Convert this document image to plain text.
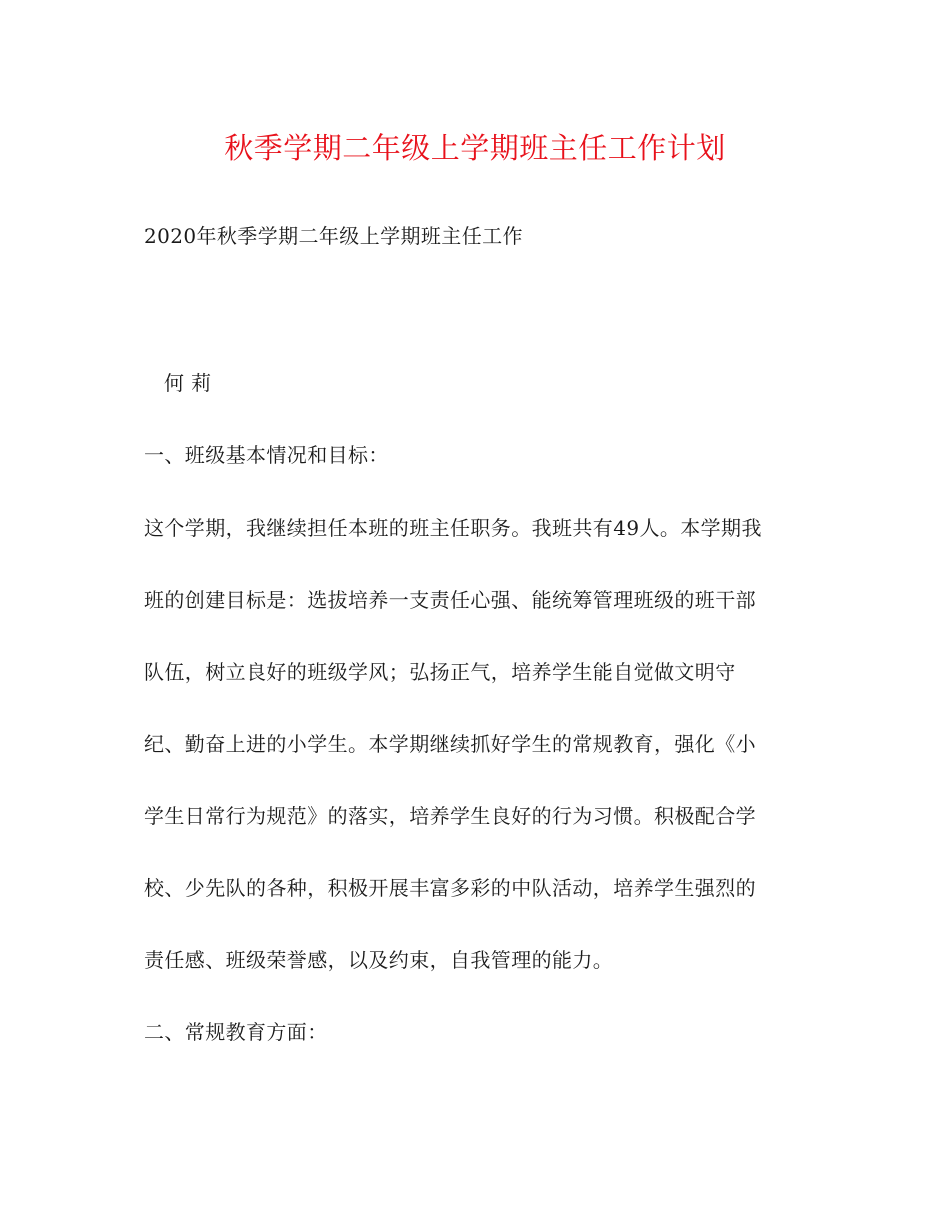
秋季学期二年级上学期班主任工作计划
2020年秋季学期二年级上学期班主任工作
何 莉
一、班级基本情况和目标：
这个学期，我继续担任本班的班主任职务。我班共有49人。本学期我
班的创建目标是：选拔培养一支责任心强、能统筹管理班级的班干部
队伍，树立良好的班级学风；弘扬正气，培养学生能自觉做文明守
纪、勤奋上进的小学生。本学期继续抓好学生的常规教育，强化《小
学生日常行为规范》的落实，培养学生良好的行为习惯。积极配合学
校、少先队的各种，积极开展丰富多彩的中队活动，培养学生强烈的
责任感、班级荣誉感，以及约束，自我管理的能力。
二、常规教育方面：
